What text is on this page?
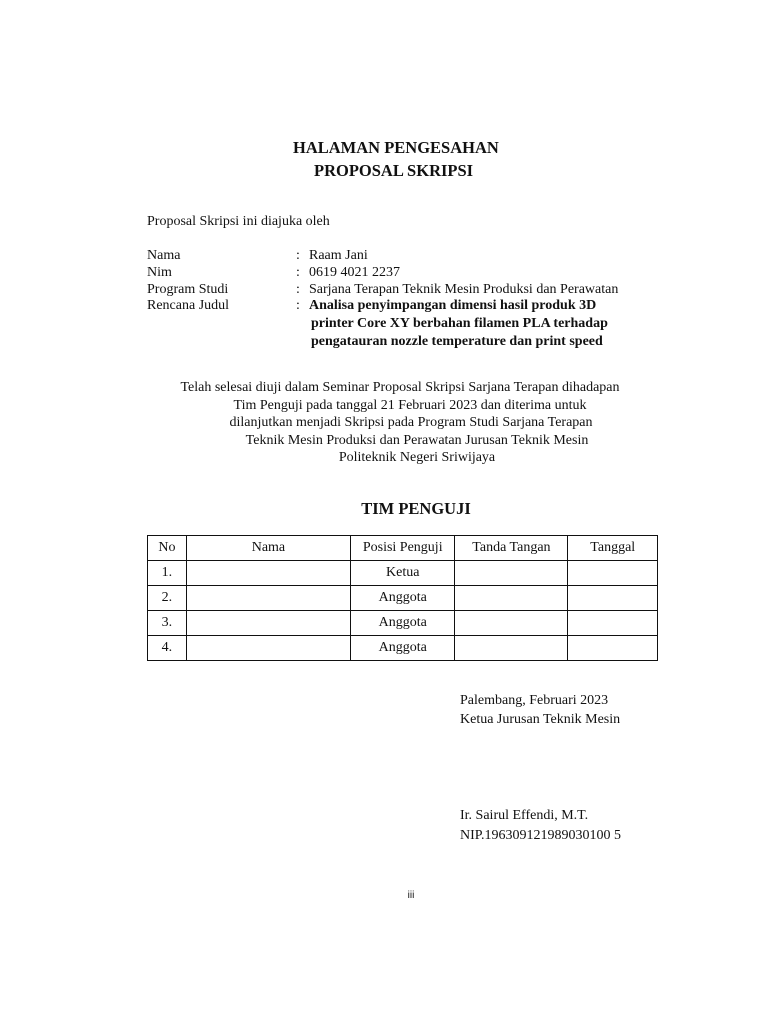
HALAMAN PENGESAHAN
PROPOSAL SKRIPSI
Proposal Skripsi ini diajuka oleh
Nama	: Raam Jani
Nim	: 0619 4021 2237
Program Studi	: Sarjana Terapan Teknik Mesin Produksi dan Perawatan
Rencana Judul	: Analisa penyimpangan dimensi hasil produk 3D
printer Core XY berbahan filamen PLA terhadap
pengatauran nozzle temperature dan print speed
Telah selesai diuji dalam Seminar Proposal Skripsi Sarjana Terapan dihadapan
Tim Penguji pada tanggal 21 Februari 2023 dan diterima untuk
dilanjutkan menjadi Skripsi pada Program Studi Sarjana Terapan
Teknik Mesin Produksi dan Perawatan Jurusan Teknik Mesin
Politeknik Negeri Sriwijaya
TIM PENGUJI
No	Nama	Posisi Penguji	Tanda Tangan	Tanggal
1.		Ketua		
2.		Anggota		
3.		Anggota		
4.		Anggota		
Palembang, Februari 2023
Ketua Jurusan Teknik Mesin
Ir. Sairul Effendi, M.T.
NIP.196309121989030100 5
iii
